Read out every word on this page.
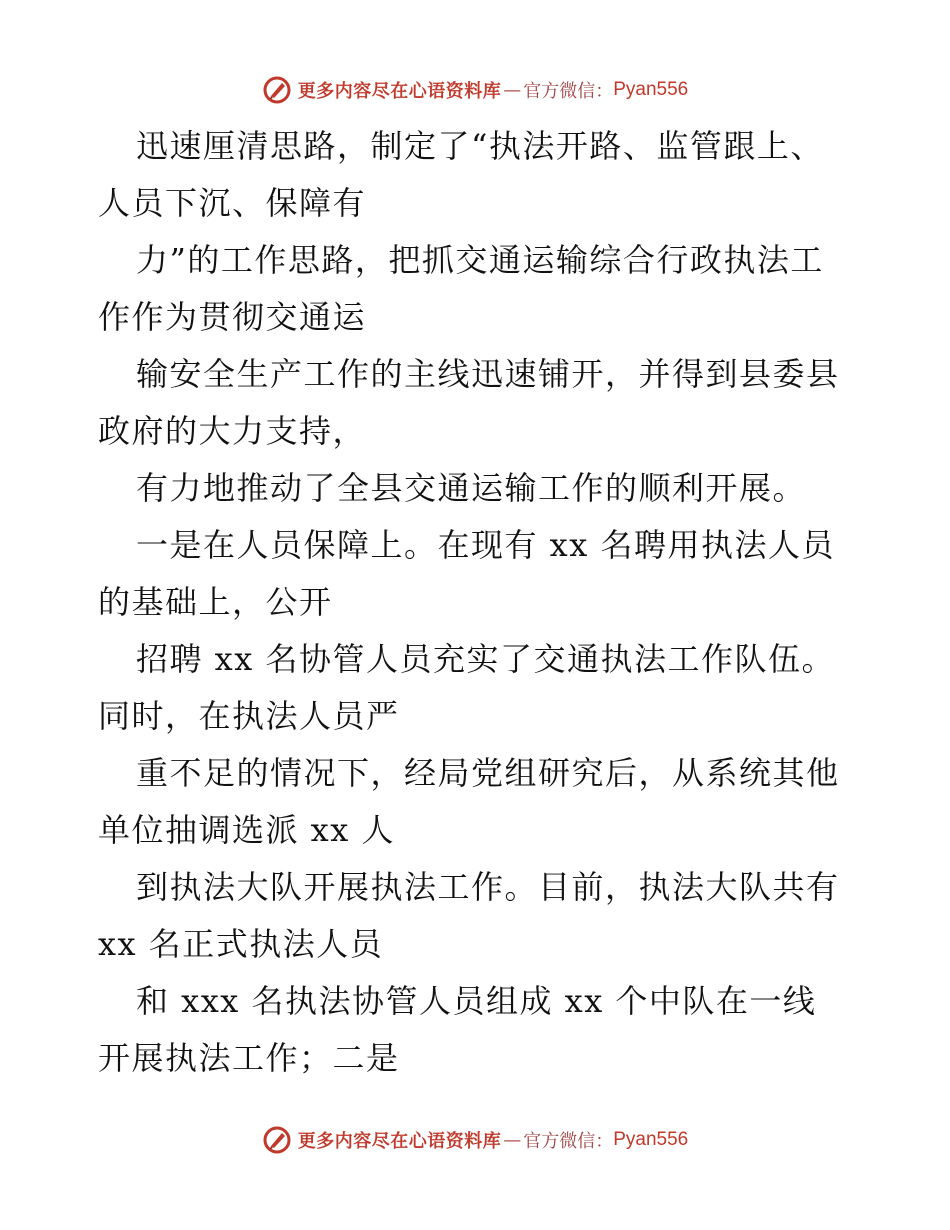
更多内容尽在心语资料库 — 官方微信： Pyan556
迅速厘清思路，制定了“执法开路、监管跟上、
人员下沉、保障有
力”的工作思路，把抓交通运输综合行政执法工
作作为贯彻交通运
输安全生产工作的主线迅速铺开，并得到县委县
政府的大力支持，
有力地推动了全县交通运输工作的顺利开展。
一是在人员保障上。在现有 xx 名聘用执法人员
的基础上，公开
招聘 xx 名协管人员充实了交通执法工作队伍。
同时，在执法人员严
重不足的情况下，经局党组研究后，从系统其他
单位抽调选派 xx 人
到执法大队开展执法工作。目前，执法大队共有
xx 名正式执法人员
和 xxx 名执法协管人员组成 xx 个中队在一线
开展执法工作；二是
更多内容尽在心语资料库 — 官方微信： Pyan556
